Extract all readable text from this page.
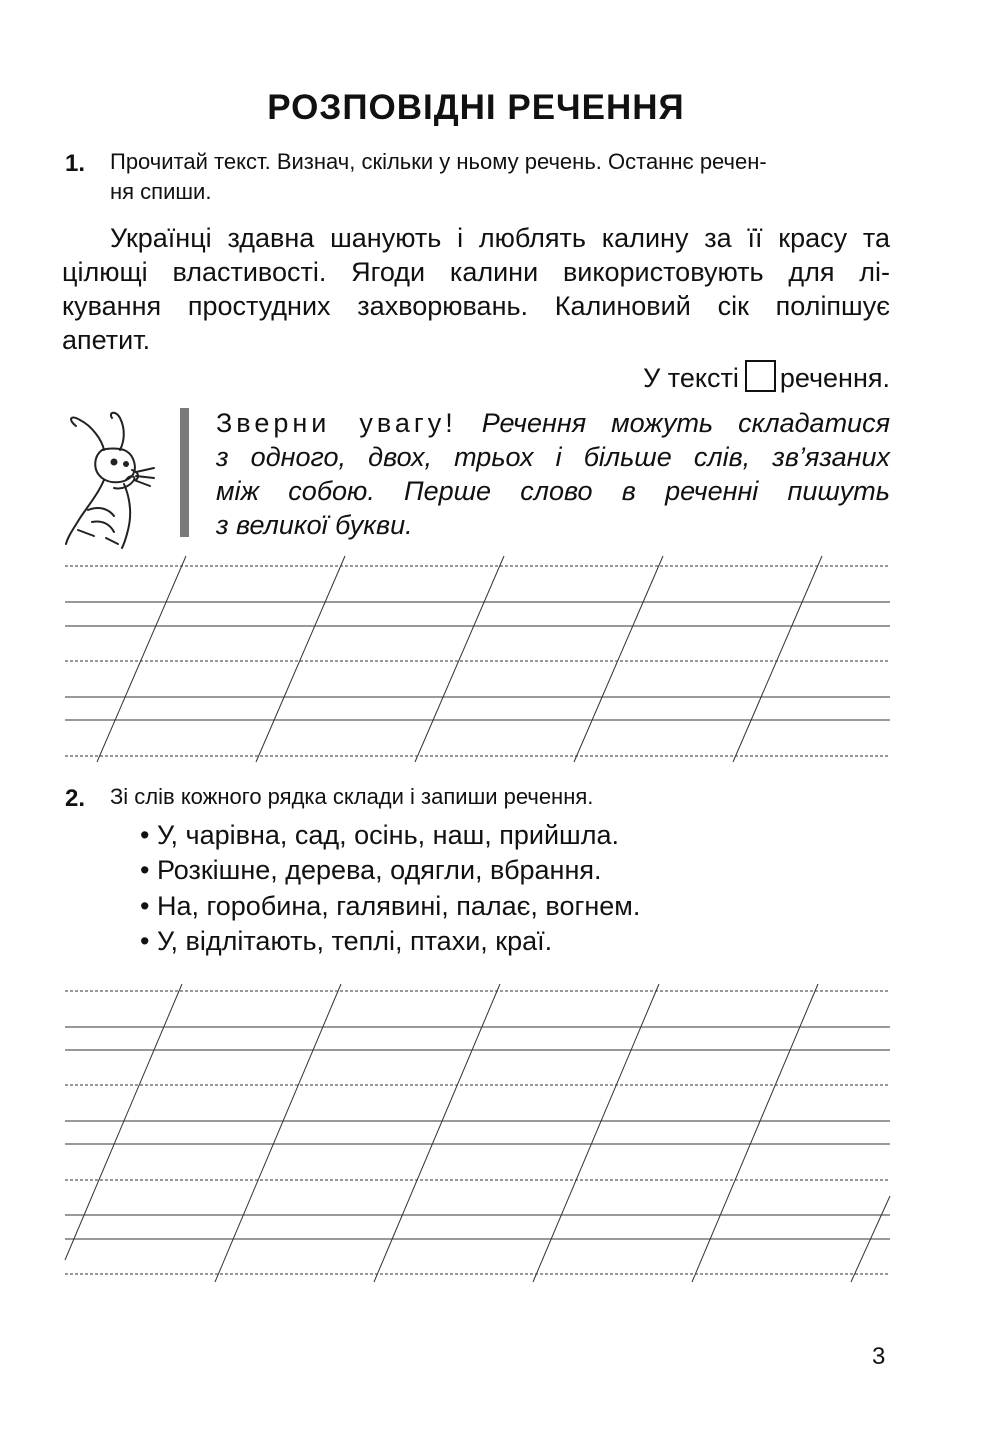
РОЗПОВІДНІ РЕЧЕННЯ
1. Прочитай текст. Визнач, скільки у ньому речень. Останнє речен-
ня спиши.
Українці здавна шанують і люблять калину за її красу та
цілющі властивості. Ягоди калини використовують для лі-
кування простудних захворювань. Калиновий сік поліпшує
апетит.
У тексті речення.
Зверни увагу! Речення можуть складатися
з одного, двох, трьох і більше слів, зв’язаних
між собою. Перше слово в реченні пишуть
з великої букви.
2. Зі слів кожного рядка склади і запиши речення.
• У, чарівна, сад, осінь, наш, прийшла.
• Розкішне, дерева, одягли, вбрання.
• На, горобина, галявині, палає, вогнем.
• У, відлітають, теплі, птахи, краї.
3
